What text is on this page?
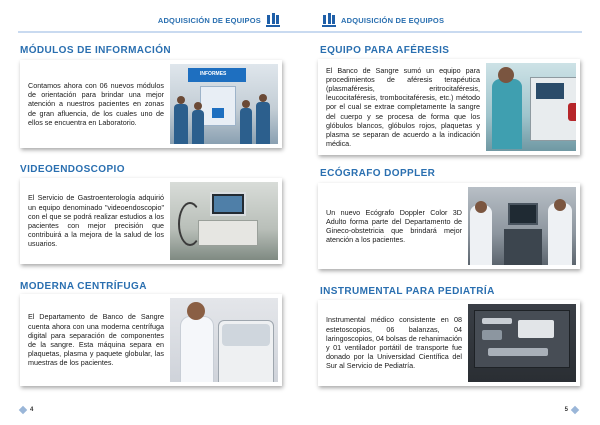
ADQUISICIÓN DE EQUIPOS
MÓDULOS DE INFORMACIÓN
Contamos ahora con 06 nuevos módulos de orientación para brindar una mejor atención a nuestros pacientes en zonas de gran afluencia, de los cuales uno de ellos se encuentra en Laboratorio.
INFORMES
VIDEOENDOSCOPIO
El Servicio de Gastroenterología adquirió un equipo denominado "videoendoscopio" con el que se podrá realizar estudios a los pacientes con mejor precisión que contribuirá a la mejora de la salud de los usuarios.
MODERNA CENTRÍFUGA
El Departamento de Banco de Sangre cuenta ahora con una moderna centrífuga digital para separación de componentes de la sangre. Esta máquina separa en plaquetas, plasma y paquete globular, las muestras de los pacientes.
4
ADQUISICIÓN DE EQUIPOS
EQUIPO PARA AFÉRESIS
El Banco de Sangre sumó un equipo para procedimientos de aféresis terapéutica (plasmaféresis, eritrocitaféresis, leucocitaféresis, trombocitaféresis, etc.) método por el cual se extrae completamente la sangre del cuerpo y se procesa de forma que los glóbulos blancos, glóbulos rojos, plaquetas y plasma se separan de acuerdo a la indicación médica.
ECÓGRAFO DOPPLER
Un nuevo Ecógrafo Doppler Color 3D Adulto forma parte del Departamento de Gineco-obstetricia que brindará mejor atención a los pacientes.
INSTRUMENTAL PARA PEDIATRÍA
Instrumental médico consistente en 08 estetoscopios, 06 balanzas, 04 laringoscopios, 04 bolsas de rehanimación y 01 ventilador portátil de transporte fue donado por la Universidad Científica del Sur al Servicio de Pediatría.
5
